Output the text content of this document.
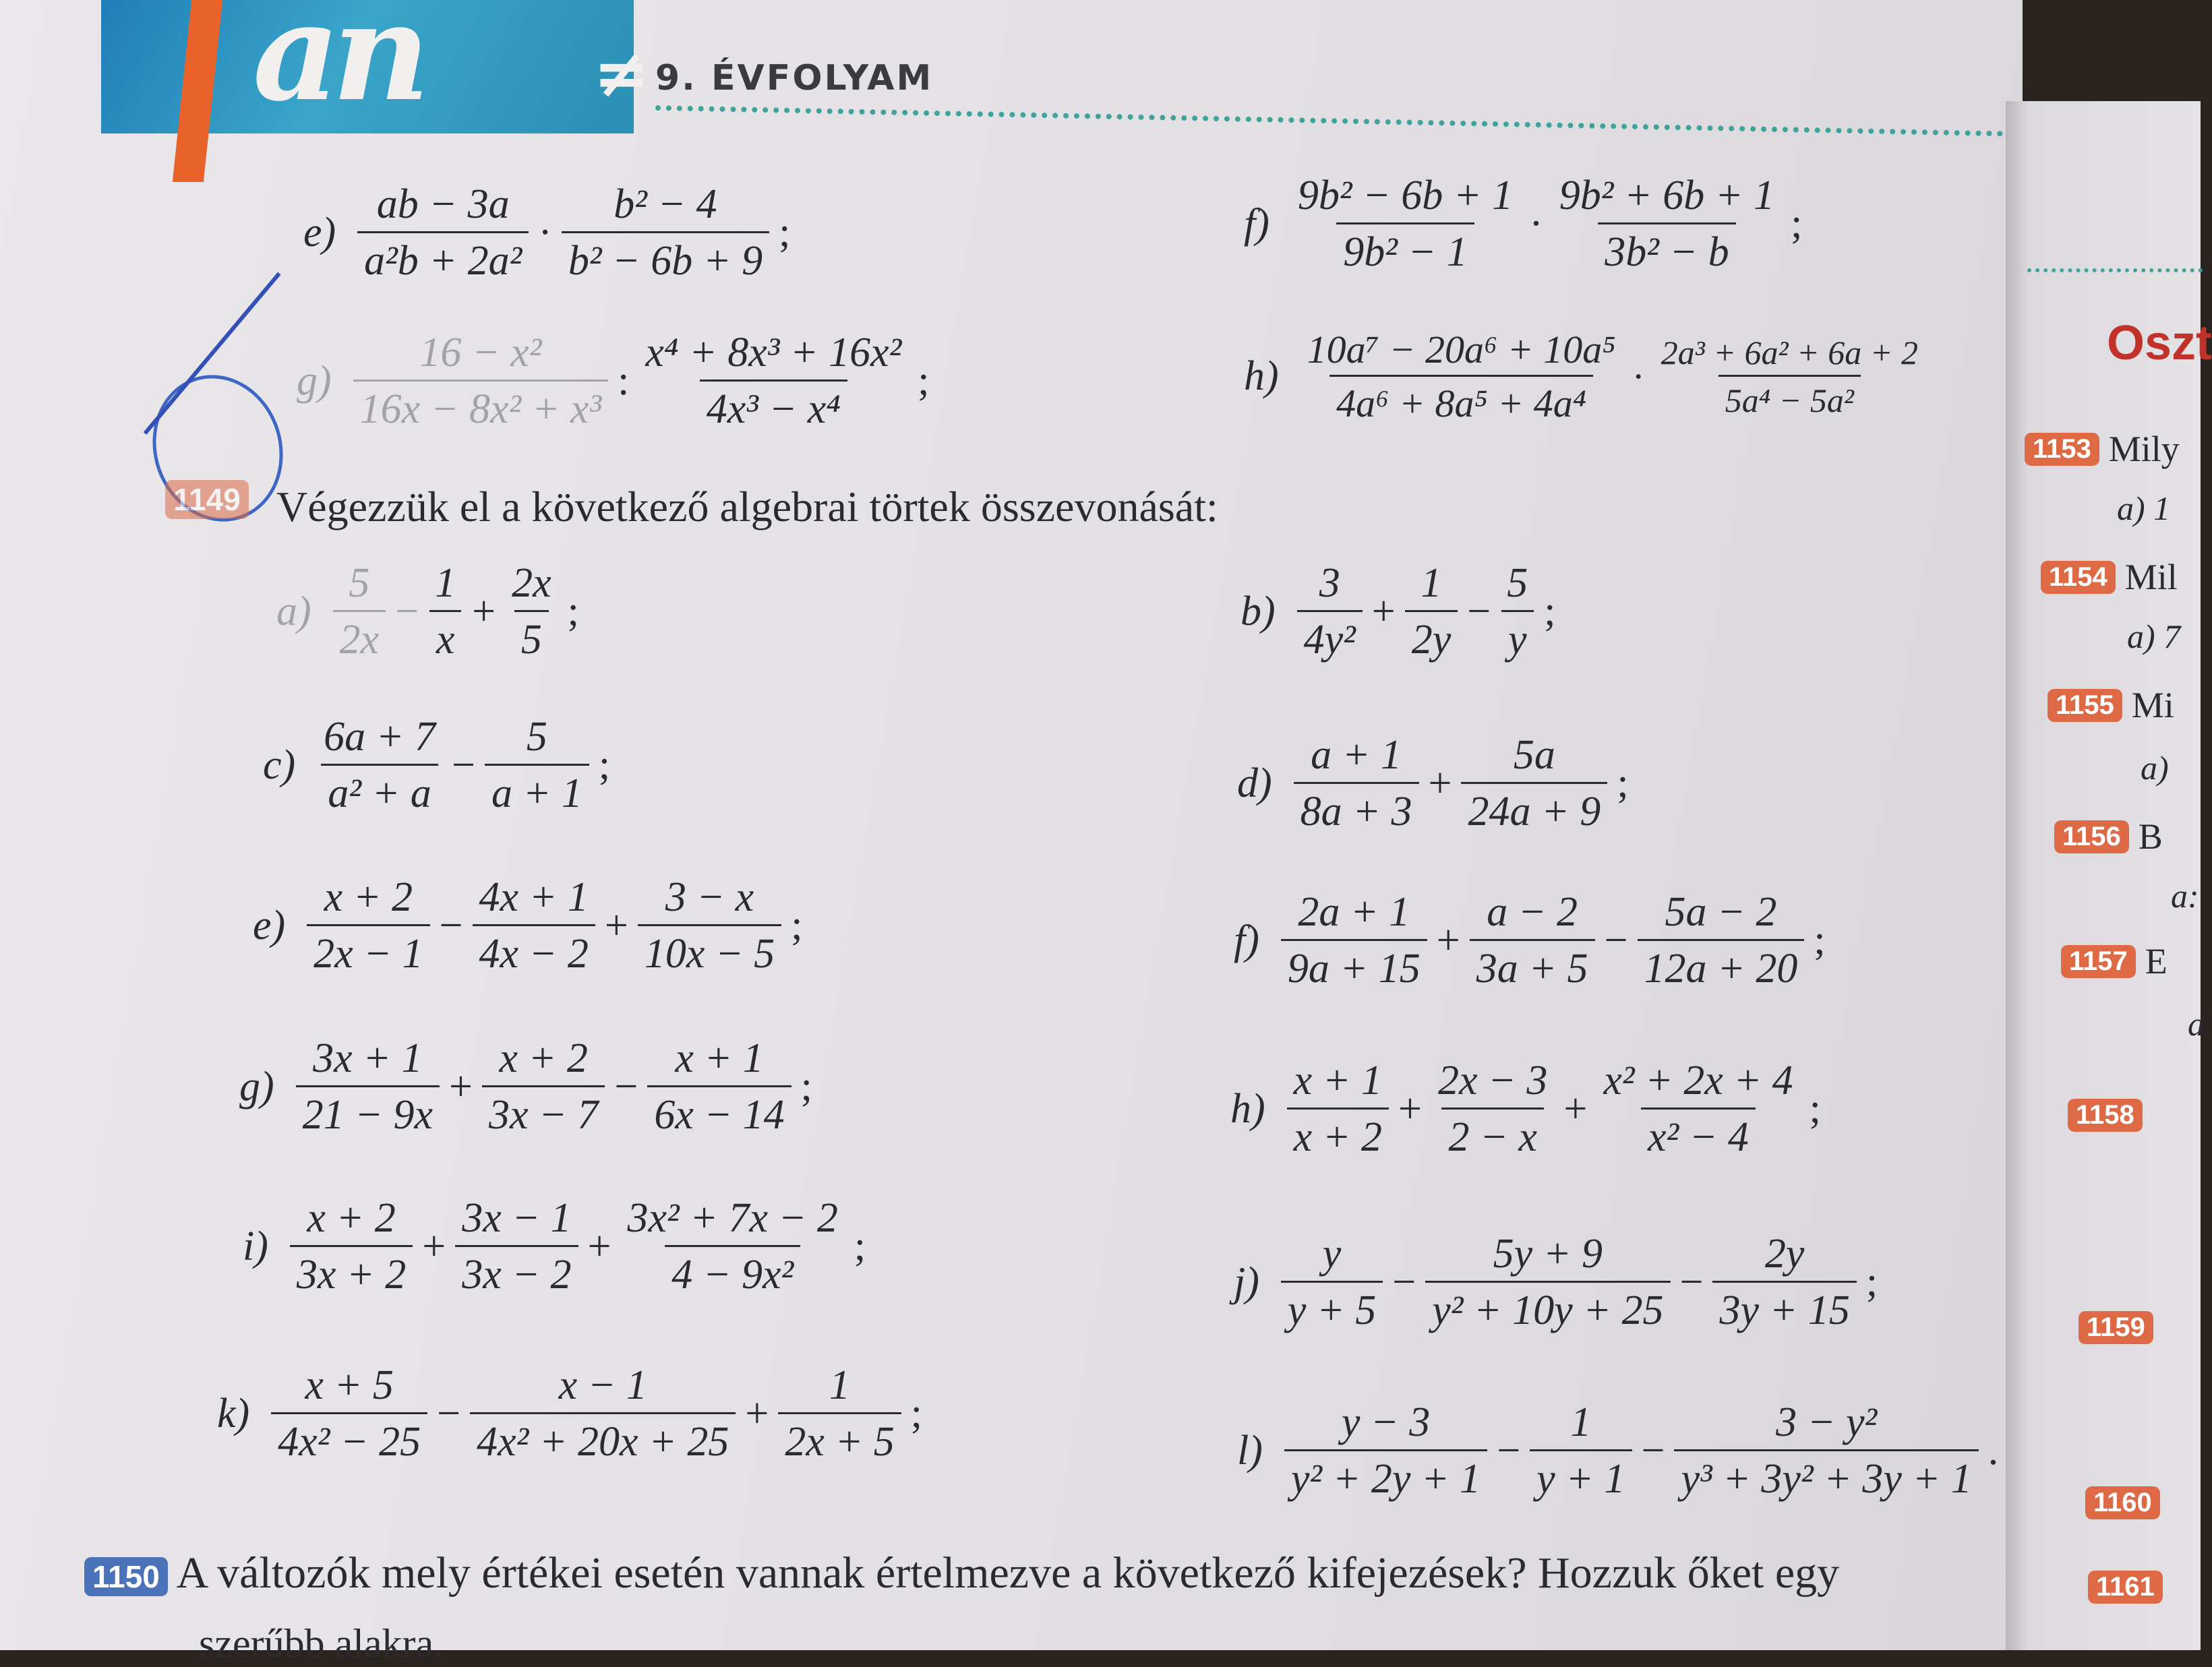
an	≠ 9. ÉVFOLYAM
$e) \frac{ab - 3a}{\text{a²b + 2a²}} \cdot \frac{\text{b² − 4}}{\text{b² − 6b + 9}}$ ;	$f) \frac{\text{9b² − 6b + 1}}{\text{9b² − 1}} \cdot \frac{\text{9b² + 6b + 1}}{\text{3b² − b}}$ ;
$g) \frac{\text{16 − x²}}{\text{16x − 8x² + x³}}$ : $\frac{\text{x⁴ + 8x³ + 16x²}}{\text{4x³ − x⁴}}$ ;	$h) \frac{\text{10a⁷ − 20a⁶ + 10a⁵}}{\text{4a⁶ + 8a⁵ + 4a⁴}} \cdot \frac{\text{2a³ + 6a² + 6a + 2}}{\text{5a⁴ − 5a²}}$
1149 Végezzük el a következő algebrai törtek összevonását:
$a) \frac{5}{2x} - \frac{1}{x} + \frac{2x}{5}$ ;	$b) \frac{3}{\text{4y²}} + \frac{1}{2y} - \frac{5}{y}$ ;
$c) \frac{6a + 7}{\text{a² + a}} - \frac{5}{a + 1}$ ;	$d) \frac{a + 1}{8a + 3} + \frac{5a}{24a + 9}$ ;
$e) \frac{x + 2}{2x - 1} - \frac{4x + 1}{4x - 2} + \frac{3 - x}{10x - 5}$ ;	$f) \frac{2a + 1}{9a + 15} + \frac{a - 2}{3a + 5} - \frac{5a - 2}{12a + 20}$ ;
$g) \frac{3x + 1}{21 - 9x} + \frac{x + 2}{3x - 7} - \frac{x + 1}{6x - 14}$ ;	$h) \frac{x + 1}{x + 2} + \frac{2x - 3}{2 - x} + \frac{\text{x² + 2x + 4}}{\text{x² − 4}}$ ;
$i) \frac{x + 2}{3x + 2} + \frac{3x - 1}{3x - 2} + \frac{\text{3x² + 7x − 2}}{\text{4 − 9x²}}$ ;
$j) \frac{y}{y + 5} - \frac{5y + 9}{\text{y² + 10y + 25}} - \frac{2y}{3y + 15}$ ;
$k) \frac{x + 5}{\text{4x² − 25}} - \frac{x - 1}{\text{4x² + 20x + 25}} + \frac{1}{2x + 5}$ ;
$l) \frac{y - 3}{\text{y² + 2y + 1}} - \frac{1}{y + 1} - \frac{\text{3 − y²}}{\text{y³ + 3y² + 3y + 1}}$ .
1150 A változók mely értékei esetén vannak értelmezve a következő kifejezések? Hozzuk őket egy
szerűbb alakra.
Oszt
1153 Mily
a) 1
1154 Mil
a) 7
1155 Mi
a)
1156 B
a:
1157 E
a
1158
1159
1160
1161
